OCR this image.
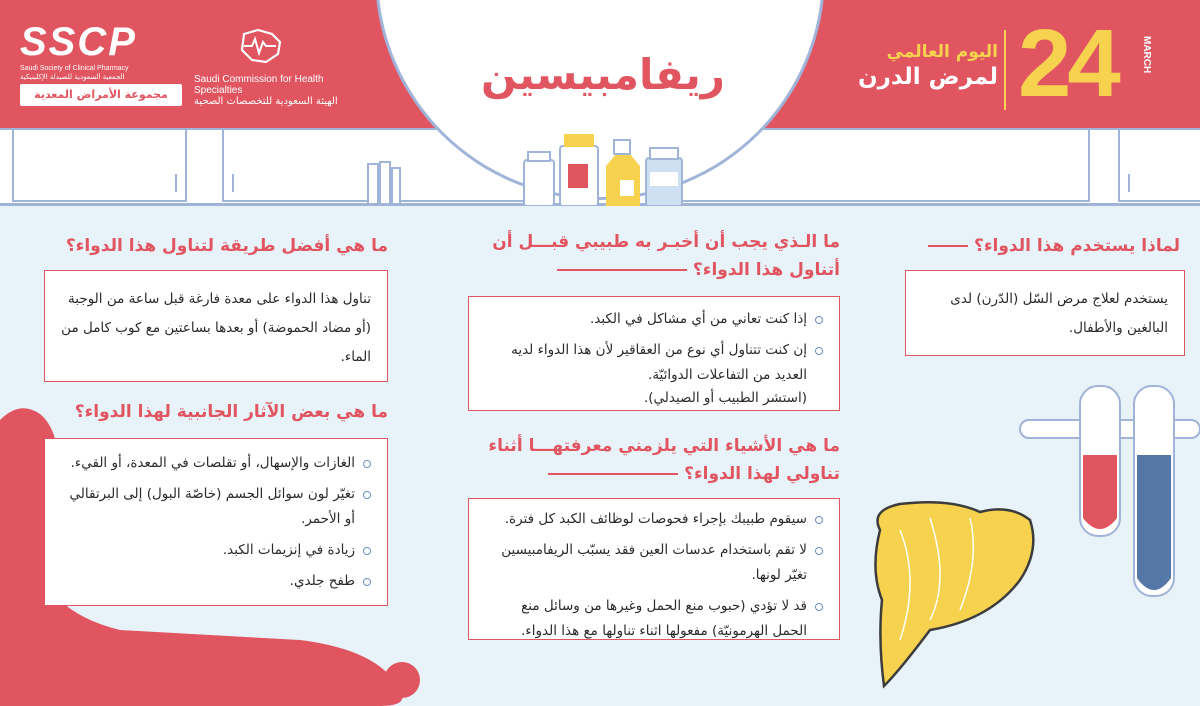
SSCP
Saudi Society of Clinical Pharmacy
الجمعية السعودية للصيدلة الإكلينيكية
مجموعة الأمراض المعدية
Saudi Commission for Health Specialties
الهيئة السعودية للتخصصات الصحية
اليوم العالمي
لمرض الدرن 24 MARCH
ريفامبيسين
لماذا يستخدم هذا الدواء؟
يستخدم لعلاج مرض السّل (الدّرن) لدى البالغين والأطفال.
ما الـذي يجب أن أخبـر به طبيبي قبـــل أن أتناول هذا الدواء؟
إذا كنت تعاني من أي مشاكل في الكبد.
إن كنت تتناول أي نوع من العقاقير لأن هذا الدواء لديه العديد من التفاعلات الدوائيّة.
(استشر الطبيب أو الصيدلي).
ما هي أفضل طريقة لتناول هذا الدواء؟
تناول هذا الدواء على معدة فارغة قبل ساعة من الوجبة (أو مضاد الحموضة) أو بعدها بساعتين مع كوب كامل من الماء.
ما هي بعض الآثار الجانبية لهذا الدواء؟
الغازات والإسهال، أو تقلصات في المعدة، أو القيء.
تغيّر لون سوائل الجسم (خاصّة البول) إلى البرتقالي أو الأحمر.
زيادة في إنزيمات الكبد.
طفح جلدي.
ما هي الأشياء التي يلزمني معرفتهـــا أثناء تناولي لهذا الدواء؟
سيقوم طبيبك بإجراء فحوصات لوظائف الكبد كل فترة.
لا تقم باستخدام عدسات العين فقد يسبّب الريفامبيسين تغيّر لونها.
قد لا تؤدي (حبوب منع الحمل وغيرها من وسائل منع الحمل الهرمونيّة) مفعولها اثناء تناولها مع هذا الدواء.
